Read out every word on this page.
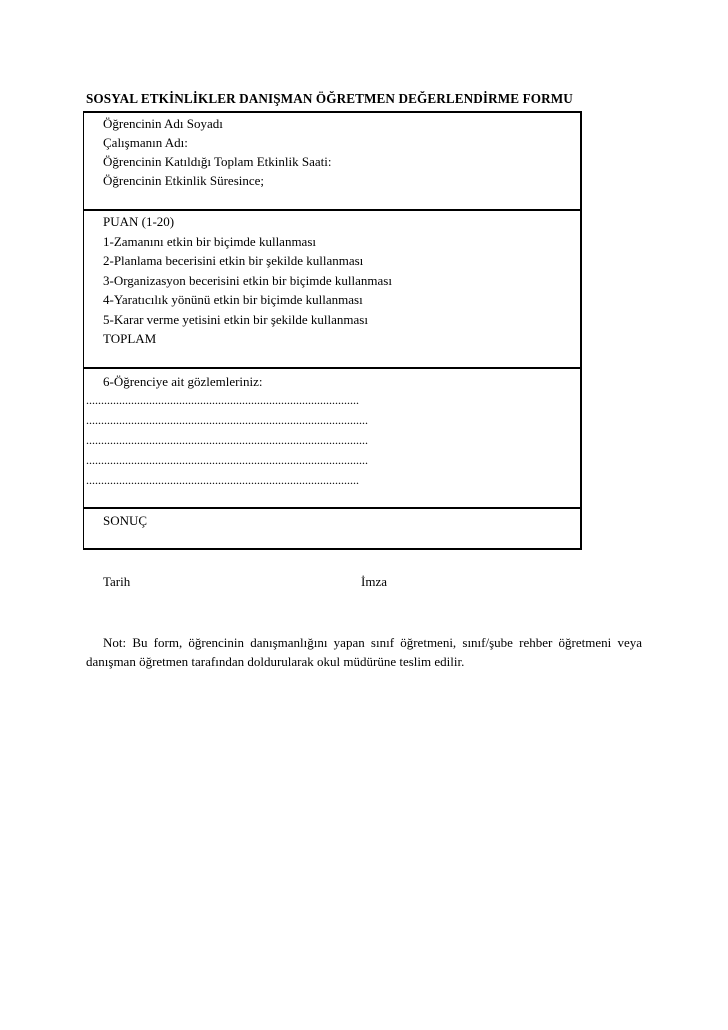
SOSYAL ETKİNLİKLER DANIŞMAN ÖĞRETMEN DEĞERLENDİRME FORMU
Öğrencinin Adı Soyadı
Çalışmanın Adı:
Öğrencinin Katıldığı Toplam Etkinlik Saati:
Öğrencinin Etkinlik Süresince;
PUAN (1-20)
1-Zamanını etkin bir biçimde kullanması
2-Planlama becerisini etkin bir şekilde kullanması
3-Organizasyon becerisini etkin bir biçimde kullanması
4-Yaratıcılık yönünü etkin bir biçimde kullanması
5-Karar verme yetisini etkin bir şekilde kullanması
TOPLAM
6-Öğrenciye ait gözlemleriniz:
...........................................................................................
..............................................................................................
..............................................................................................
..............................................................................................
...........................................................................................
SONUÇ
Tarih	İmza
Not: Bu form, öğrencinin danışmanlığını yapan sınıf öğretmeni, sınıf/şube rehber öğretmeni veya danışman öğretmen tarafından doldurularak okul müdürüne teslim edilir.
